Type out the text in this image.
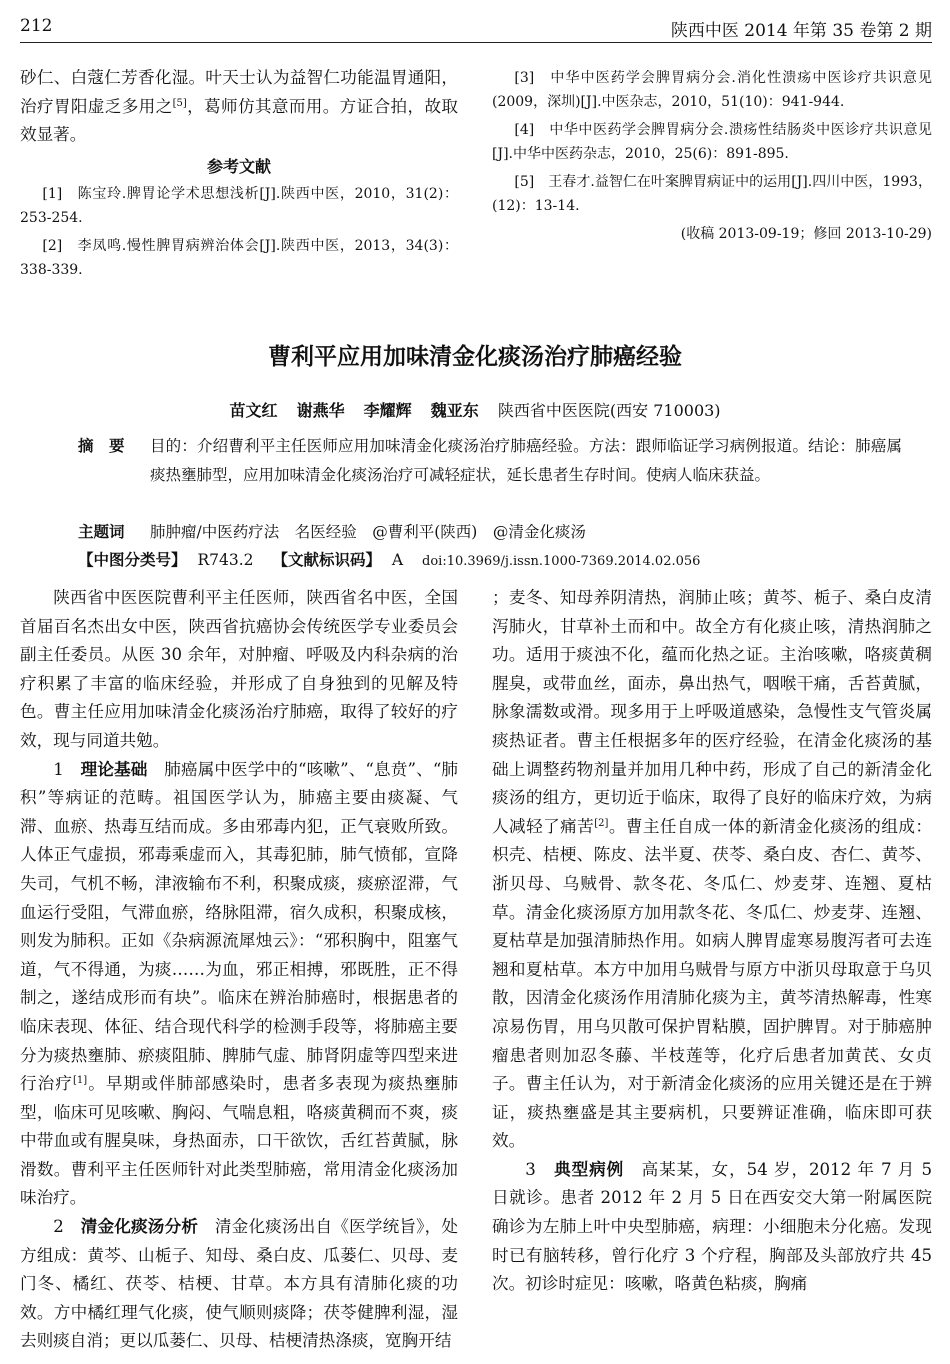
212	陕西中医 2014 年第 35 卷第 2 期

砂仁、白蔻仁芳香化湿。叶天士认为益智仁功能温胃通阳，治疗胃阳虚乏多用之[5]，葛师仿其意而用。方证合拍，故取效显著。

参考文献
[1]　陈宝玲.脾胃论学术思想浅析[J].陕西中医，2010，31(2)：253-254.
[2]　李凤鸣.慢性脾胃病辨治体会[J].陕西中医，2013，34(3)：338-339.
[3]　中华中医药学会脾胃病分会.消化性溃疡中医诊疗共识意见(2009，深圳)[J].中医杂志，2010，51(10)：941-944.
[4]　中华中医药学会脾胃病分会.溃疡性结肠炎中医诊疗共识意见[J].中华中医药杂志，2010，25(6)：891-895.
[5]　王春才.益智仁在叶案脾胃病证中的运用[J].四川中医，1993，(12)：13-14.
(收稿 2013-09-19；修回 2013-10-29)
曹利平应用加味清金化痰汤治疗肺癌经验
苗文红 谢燕华 李耀辉 魏亚东 陕西省中医医院(西安 710003)
摘　要	目的：介绍曹利平主任医师应用加味清金化痰汤治疗肺癌经验。方法：跟师临证学习病例报道。结论：肺癌属痰热壅肺型，应用加味清金化痰汤治疗可减轻症状，延长患者生存时间。使病人临床获益。
主题词	肺肿瘤/中医药疗法　名医经验　@曹利平(陕西)　@清金化痰汤
【中图分类号】 R743.2 【文献标识码】 A doi:10.3969/j.issn.1000-7369.2014.02.056

陕西省中医医院曹利平主任医师，陕西省名中医，全国首届百名杰出女中医，陕西省抗癌协会传统医学专业委员会副主任委员。从医 30 余年，对肿瘤、呼吸及内科杂病的治疗积累了丰富的临床经验，并形成了自身独到的见解及特色。曹主任应用加味清金化痰汤治疗肺癌，取得了较好的疗效，现与同道共勉。

1　 理论基础　 肺癌属中医学中的“咳嗽”、“息贲”、“肺积”等病证的范畴。祖国医学认为，肺癌主要由痰凝、气滞、血瘀、热毒互结而成。多由邪毒内犯，正气衰败所致。人体正气虚损，邪毒乘虚而入，其毒犯肺，肺气愤郁，宣降失司，气机不畅，津液输布不利，积聚成痰，痰瘀涩滞，气血运行受阻，气滞血瘀，络脉阻滞，宿久成积，积聚成核，则发为肺积。正如《杂病源流犀烛云》：“邪积胸中，阻塞气道，气不得通，为痰……为血，邪正相搏，邪既胜，正不得制之，遂结成形而有块”。临床在辨治肺癌时，根据患者的临床表现、体征、结合现代科学的检测手段等，将肺癌主要分为痰热壅肺、瘀痰阻肺、脾肺气虚、肺肾阴虚等四型来进行治疗[1]。早期或伴肺部感染时，患者多表现为痰热壅肺型，临床可见咳嗽、胸闷、气喘息粗，咯痰黄稠而不爽，痰中带血或有腥臭味，身热面赤，口干欲饮，舌红苔黄腻，脉滑数。曹利平主任医师针对此类型肺癌，常用清金化痰汤加味治疗。

2　 清金化痰汤分析　 清金化痰汤出自《医学统旨》，处方组成：黄芩、山栀子、知母、桑白皮、瓜蒌仁、贝母、麦门冬、橘红、茯苓、桔梗、甘草。本方具有清肺化痰的功效。方中橘红理气化痰，使气顺则痰降；茯苓健脾利湿，湿去则痰自消；更以瓜蒌仁、贝母、桔梗清热涤痰，宽胸开结

；麦冬、知母养阴清热，润肺止咳；黄芩、栀子、桑白皮清泻肺火，甘草补土而和中。故全方有化痰止咳，清热润肺之功。适用于痰浊不化，蕴而化热之证。主治咳嗽，咯痰黄稠腥臭，或带血丝，面赤，鼻出热气，咽喉干痛，舌苔黄腻，脉象濡数或滑。现多用于上呼吸道感染，急慢性支气管炎属痰热证者。曹主任根据多年的医疗经验，在清金化痰汤的基础上调整药物剂量并加用几种中药，形成了自己的新清金化痰汤的组方，更切近于临床，取得了良好的临床疗效，为病人减轻了痛苦[2]。曹主任自成一体的新清金化痰汤的组成：枳壳、桔梗、陈皮、法半夏、茯苓、桑白皮、杏仁、黄芩、浙贝母、乌贼骨、款冬花、冬瓜仁、炒麦芽、连翘、夏枯草。清金化痰汤原方加用款冬花、冬瓜仁、炒麦芽、连翘、夏枯草是加强清肺热作用。如病人脾胃虚寒易腹泻者可去连翘和夏枯草。本方中加用乌贼骨与原方中浙贝母取意于乌贝散，因清金化痰汤作用清肺化痰为主，黄芩清热解毒，性寒凉易伤胃，用乌贝散可保护胃粘膜，固护脾胃。对于肺癌肿瘤患者则加忍冬藤、半枝莲等，化疗后患者加黄芪、女贞子。曹主任认为，对于新清金化痰汤的应用关键还是在于辨证，痰热壅盛是其主要病机，只要辨证准确，临床即可获效。

3　 典型病例　 高某某，女，54 岁，2012 年 7 月 5 日就诊。患者 2012 年 2 月 5 日在西安交大第一附属医院确诊为左肺上叶中央型肺癌，病理：小细胞未分化癌。发现时已有脑转移，曾行化疗 3 个疗程，胸部及头部放疗共 45 次。初诊时症见：咳嗽，咯黄色粘痰，胸痛
